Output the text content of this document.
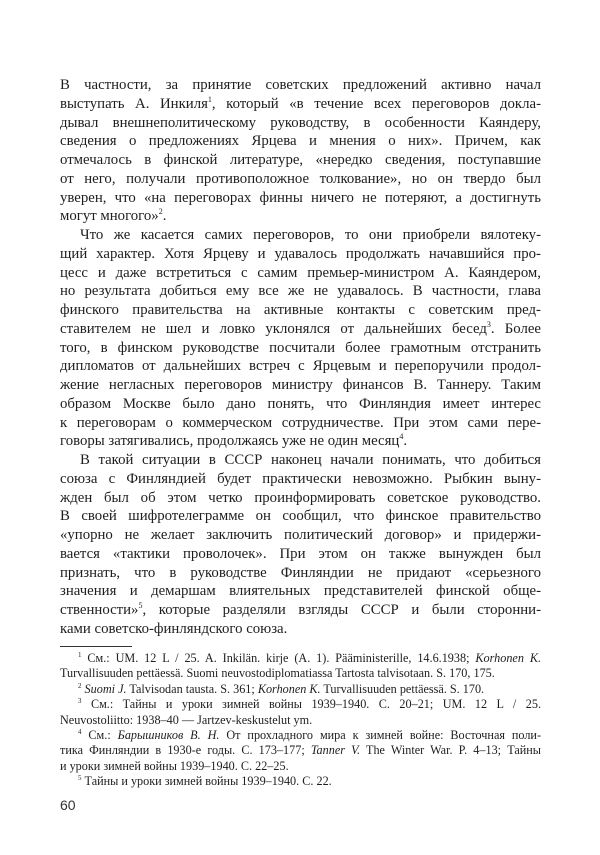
В частности, за принятие советских предложений активно начал
выступать А. Инкиля$^1$, который «в течение всех переговоров докла-
дывал внешнеполитическому руководству, в особенности Каяндеру,
сведения о предложениях Ярцева и мнения о них». Причем, как
отмечалось в финской литературе, «нередко сведения, поступавшие
от него, получали противоположное толкование», но он твердо был
уверен, что «на переговорах финны ничего не потеряют, а достигнуть
могут многого»$^2$.
Что же касается самих переговоров, то они приобрели вялотеку-
щий характер. Хотя Ярцеву и удавалось продолжать начавшийся про-
цесс и даже встретиться с самим премьер-министром А. Каяндером,
но результата добиться ему все же не удавалось. В частности, глава
финского правительства на активные контакты с советским пред-
ставителем не шел и ловко уклонялся от дальнейших бесед$^3$. Более
того, в финском руководстве посчитали более грамотным отстранить
дипломатов от дальнейших встреч с Ярцевым и перепоручили продол-
жение негласных переговоров министру финансов В. Таннеру. Таким
образом Москве было дано понять, что Финляндия имеет интерес
к переговорам о коммерческом сотрудничестве. При этом сами пере-
говоры затягивались, продолжаясь уже не один месяц$^4$.
В такой ситуации в СССР наконец начали понимать, что добиться
союза с Финляндией будет практически невозможно. Рыбкин выну-
жден был об этом четко проинформировать советское руководство.
В своей шифротелеграмме он сообщил, что финское правительство
«упорно не желает заключить политический договор» и придержи-
вается «тактики проволочек». При этом он также вынужден был
признать, что в руководстве Финляндии не придают «серьезного
значения и демаршам влиятельных представителей финской обще-
ственности»$^5$, которые разделяли взгляды СССР и были сторонни-
ками советско-финляндского союза.
$^1$ См.: UM. 12 L / 25. A. Inkilän. kirje (A. 1). Pääministerille, 14.6.1938; Korhonen K.
Turvallisuuden pettäessä. Suomi neuvostodiplomatiassa Tartosta talvisotaan. S. 170, 175.
$^2$ Suomi J. Talvisodan tausta. S. 361; Korhonen K. Turvallisuuden pettäessä. S. 170.
$^3$ См.: Тайны и уроки зимней войны 1939–1940. С. 20–21; UM. 12 L / 25.
Neuvostoliitto: 1938–40 — Jartzev-keskustelut ym.
$^4$ См.: Барышников В. Н. От прохладного мира к зимней войне: Восточная поли-
тика Финляндии в 1930-е годы. С. 173–177; Tanner V. The Winter War. P. 4–13; Тайны
и уроки зимней войны 1939–1940. С. 22–25.
$^5$ Тайны и уроки зимней войны 1939–1940. С. 22.
60
